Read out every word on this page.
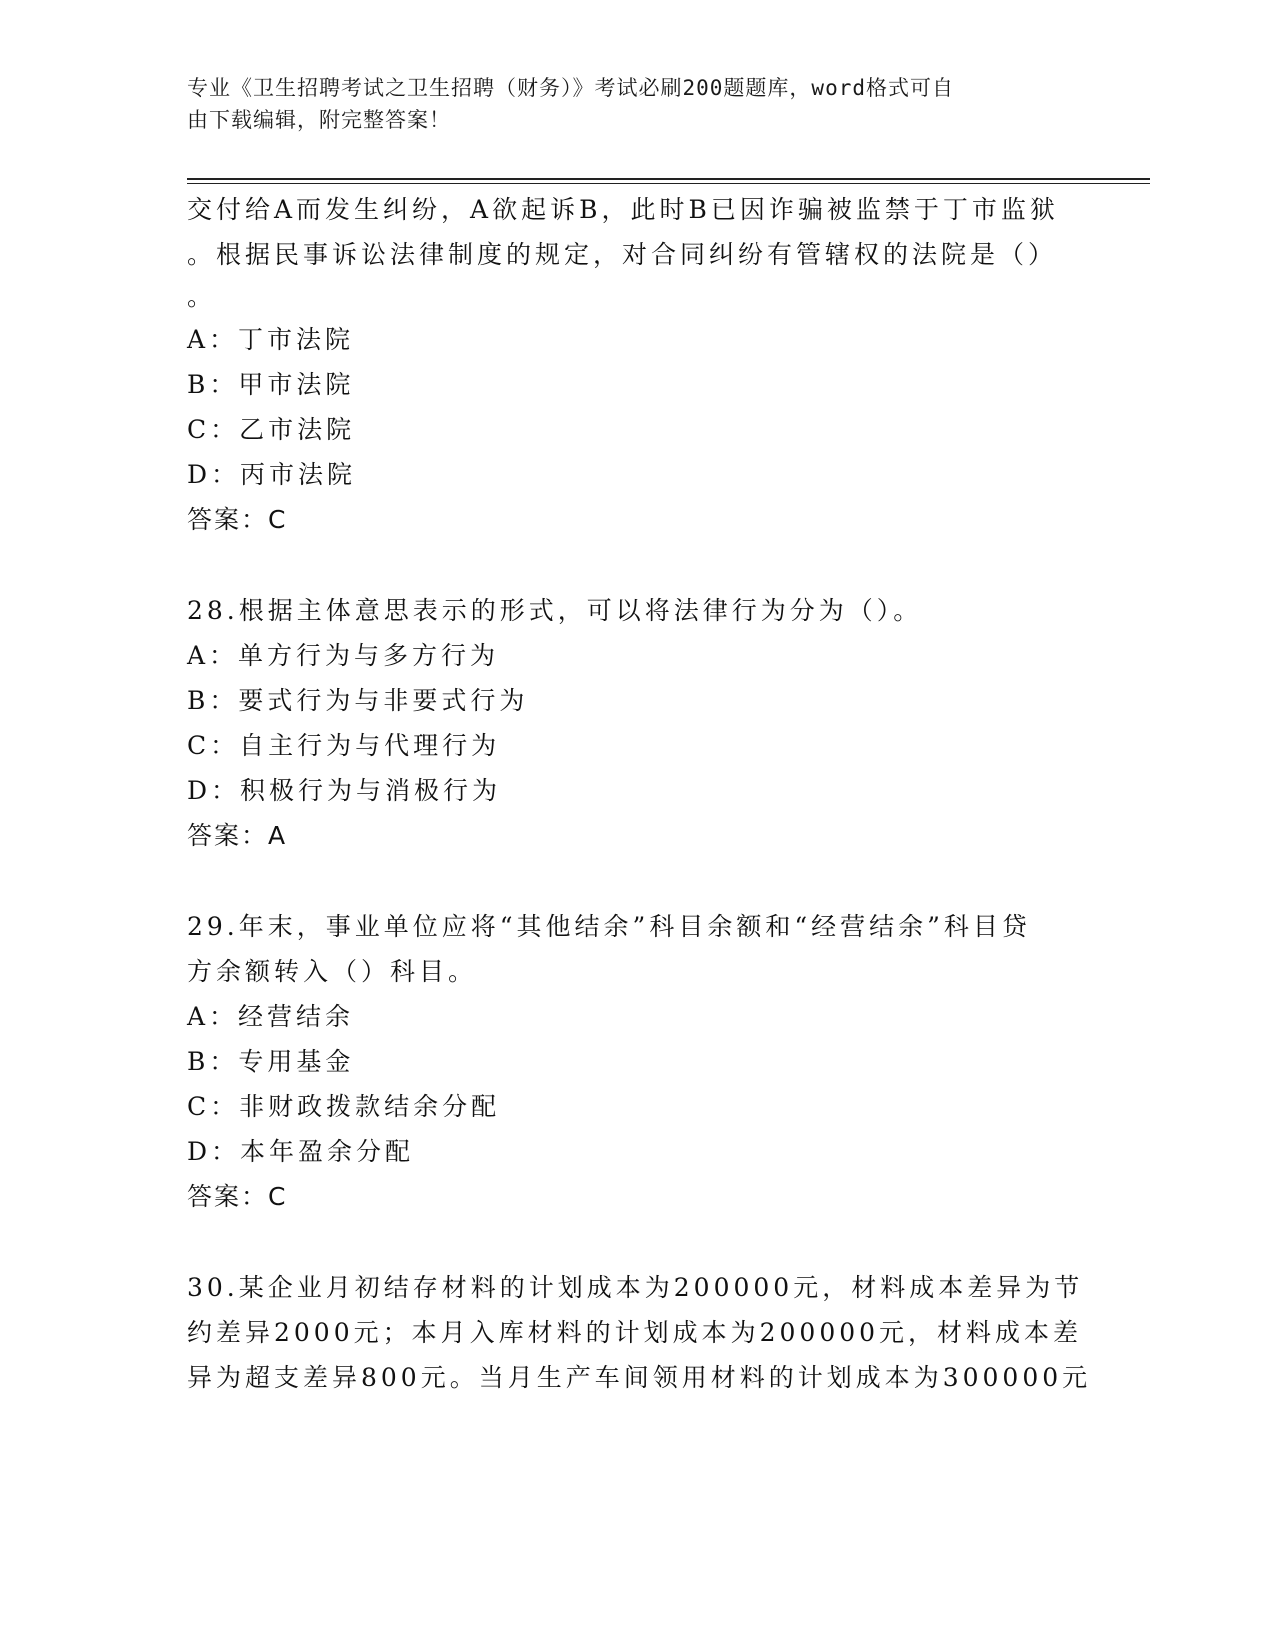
专业《卫生招聘考试之卫生招聘（财务）》考试必刷200题题库，word格式可自
由下载编辑，附完整答案！
交付给A而发生纠纷，A欲起诉B，此时B已因诈骗被监禁于丁市监狱
。根据民事诉讼法律制度的规定，对合同纠纷有管辖权的法院是（）
。
A：丁市法院
B：甲市法院
C：乙市法院
D：丙市法院
答案：C
28.根据主体意思表示的形式，可以将法律行为分为（）。
A：单方行为与多方行为
B：要式行为与非要式行为
C：自主行为与代理行为
D：积极行为与消极行为
答案：A
29.年末，事业单位应将“其他结余”科目余额和“经营结余”科目贷
方余额转入（）科目。
A：经营结余
B：专用基金
C：非财政拨款结余分配
D：本年盈余分配
答案：C
30.某企业月初结存材料的计划成本为200000元，材料成本差异为节
约差异2000元；本月入库材料的计划成本为200000元，材料成本差
异为超支差异800元。当月生产车间领用材料的计划成本为300000元
